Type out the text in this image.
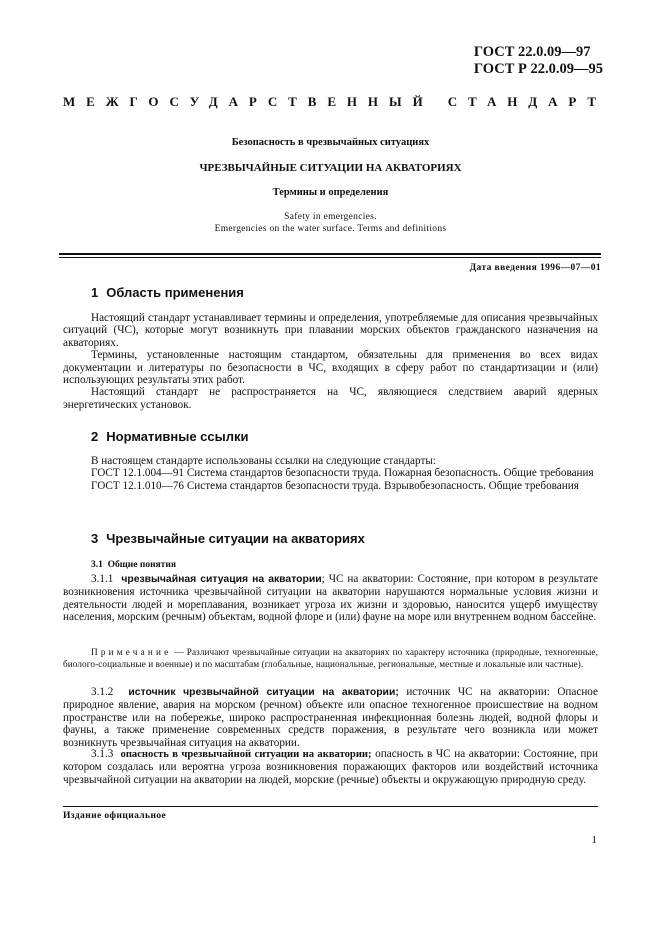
ГОСТ 22.0.09—97
ГОСТ Р 22.0.09—95
МЕЖГОСУДАРСТВЕННЫЙ СТАНДАРТ
Безопасность в чрезвычайных ситуациях
ЧРЕЗВЫЧАЙНЫЕ СИТУАЦИИ НА АКВАТОРИЯХ
Термины и определения
Safety in emergencies.
Emergencies on the water surface. Terms and definitions
Дата введения 1996—07—01
1 Область применения

Настоящий стандарт устанавливает термины и определения, употребляемые для описания чрезвычайных ситуаций (ЧС), которые могут возникнуть при плавании морских объектов гражданского назначения на акваториях.

Термины, установленные настоящим стандартом, обязательны для применения во всех видах документации и литературы по безопасности в ЧС, входящих в сферу работ по стандартизации и (или) использующих результаты этих работ.

Настоящий стандарт не распространяется на ЧС, являющиеся следствием аварий ядерных энергетических установок.

2 Нормативные ссылки

В настоящем стандарте использованы ссылки на следующие стандарты:

ГОСТ 12.1.004—91 Система стандартов безопасности труда. Пожарная безопасность. Общие требования

ГОСТ 12.1.010—76 Система стандартов безопасности труда. Взрывобезопасность. Общие требования

3 Чрезвычайные ситуации на акваториях
3.1 Общие понятия

3.1.1 чрезвычайная ситуация на акватории; ЧС на акватории: Состояние, при котором в результате возникновения источника чрезвычайной ситуации на акватории нарушаются нормальные условия жизни и деятельности людей и мореплавания, возникает угроза их жизни и здоровью, наносится ущерб имуществу населения, морским (речным) объектам, водной флоре и (или) фауне на море или внутреннем водном бассейне.

Примечание — Различают чрезвычайные ситуации на акваториях по характеру источника (природные, техногенные, биолого-социальные и военные) и по масштабам (глобальные, национальные, региональные, местные и локальные или частные).

3.1.2 источник чрезвычайной ситуации на акватории; источник ЧС на акватории: Опасное природное явление, авария на морском (речном) объекте или опасное техногенное происшествие на водном пространстве или на побережье, широко распространенная инфекционная болезнь людей, водной флоры и фауны, а также применение современных средств поражения, в результате чего возникла или может возникнуть чрезвычайная ситуация на акватории.

3.1.3 опасность в чрезвычайной ситуации на акватории; опасность в ЧС на акватории: Состояние, при котором создалась или вероятна угроза возникновения поражающих факторов или воздействий источника чрезвычайной ситуации на акватории на людей, морские (речные) объекты и окружающую природную среду.

Издание официальное
1
